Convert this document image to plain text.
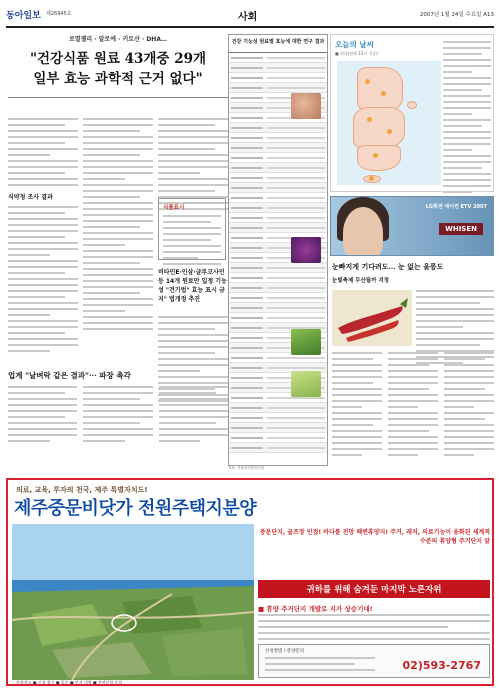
동아일보 제26945호	사회	2007년 1월 24일 수요일 A13
로열젤리 · 알로에 · 키토산 · DHA…
"건강식품 원료 43개중 29개
일부 효능 과학적 근거 없다"
식약청 조사 결과
식품표시
비타민E·인삼·글루코사민 등 14개 원료만 일정 기능성 "건기법" 효능 표시 금지" 법개정 추진
업계 "날벼락 같은 결과"··· 파장 촉각
건강 기능성 원료별 효능에 대한 연구 결과

자료: 식품의약품안전청
오늘의 날씨
■ 전국(관측 15시 기준)
LG휘센 에어컨 ETV 2007
WHISEN
눈빠지게 기다려도… 눈 없는 울릉도
눈빛축제 무산될까 걱정
의료, 교육, 투자의 천국, 제주 특별자치도!
제주중문비닷가 전원주택지분양
중문단지, 골프장 인접! 바다를 전망 해변휴양지! 주거, 레저, 의료기능이 융화된 세계적 수준의 휴양형 주거단지 앞
귀하를 위해 숨겨둔 마지막 노른자위
■ 휴양 주거단지 개발로 지가 상승기대!
신청방법 / 분양문의
02)593-2767
분양장소 ■ 신청 접수 ■ 입주 ■ 단지 내역 ■ 잔여분양 문의
